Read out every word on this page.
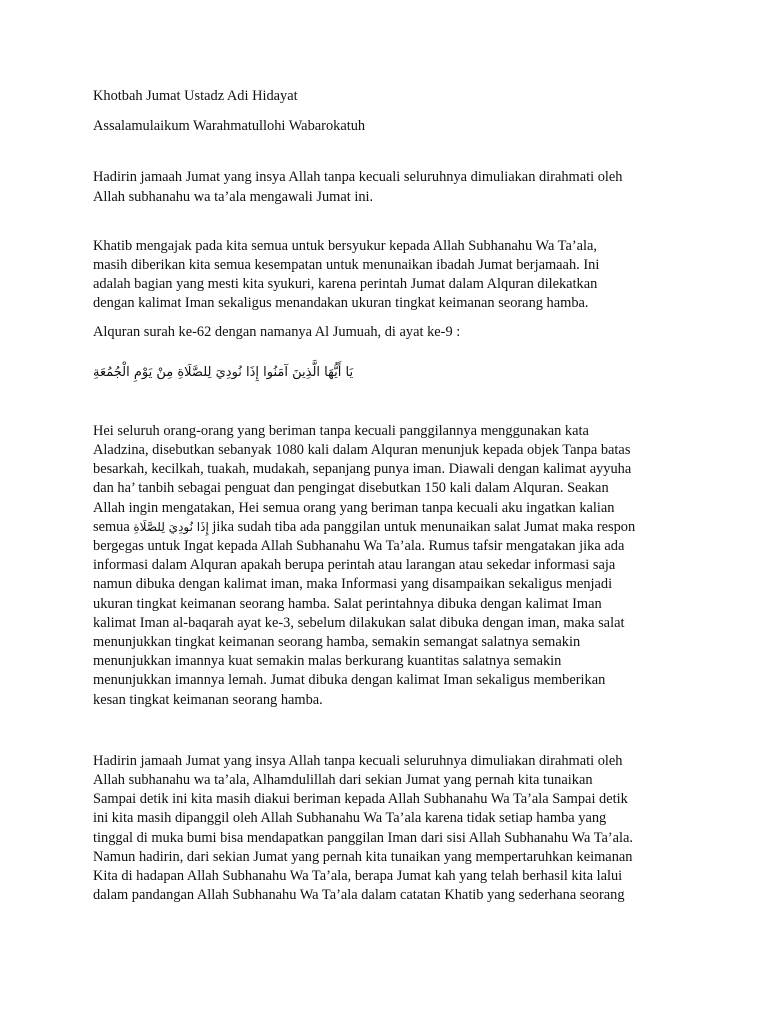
Khotbah Jumat Ustadz Adi Hidayat

Assalamulaikum Warahmatullohi Wabarokatuh

Hadirin jamaah Jumat yang insya Allah tanpa kecuali seluruhnya dimuliakan dirahmati oleh
Allah subhanahu wa ta’ala mengawali Jumat ini.

Khatib mengajak pada kita semua untuk bersyukur kepada Allah Subhanahu Wa Ta’ala,
masih diberikan kita semua kesempatan untuk menunaikan ibadah Jumat berjamaah. Ini
adalah bagian yang mesti kita syukuri, karena perintah Jumat dalam Alquran dilekatkan
dengan kalimat Iman sekaligus menandakan ukuran tingkat keimanan seorang hamba.

Alquran surah ke-62 dengan namanya Al Jumuah, di ayat ke-9 :

يَا أَيُّهَا الَّذِينَ آمَنُوا إِذَا نُودِيَ لِلصَّلَاةِ مِنْ يَوْمِ الْجُمُعَةِ

Hei seluruh orang-orang yang beriman tanpa kecuali panggilannya menggunakan kata
Aladzina, disebutkan sebanyak 1080 kali dalam Alquran menunjuk kepada objek Tanpa batas
besarkah, kecilkah, tuakah, mudakah, sepanjang punya iman. Diawali dengan kalimat ayyuha
dan ha’ tanbih sebagai penguat dan pengingat disebutkan 150 kali dalam Alquran. Seakan
Allah ingin mengatakan, Hei semua orang yang beriman tanpa kecuali aku ingatkan kalian
semua إِذَا نُودِيَ لِلصَّلَاةِ jika sudah tiba ada panggilan untuk menunaikan salat Jumat maka respon
bergegas untuk Ingat kepada Allah Subhanahu Wa Ta’ala. Rumus tafsir mengatakan jika ada
informasi dalam Alquran apakah berupa perintah atau larangan atau sekedar informasi saja
namun dibuka dengan kalimat iman, maka Informasi yang disampaikan sekaligus menjadi
ukuran tingkat keimanan seorang hamba. Salat perintahnya dibuka dengan kalimat Iman
kalimat Iman al-baqarah ayat ke-3, sebelum dilakukan salat dibuka dengan iman, maka salat
menunjukkan tingkat keimanan seorang hamba, semakin semangat salatnya semakin
menunjukkan imannya kuat semakin malas berkurang kuantitas salatnya semakin
menunjukkan imannya lemah. Jumat dibuka dengan kalimat Iman sekaligus memberikan
kesan tingkat keimanan seorang hamba.

Hadirin jamaah Jumat yang insya Allah tanpa kecuali seluruhnya dimuliakan dirahmati oleh
Allah subhanahu wa ta’ala, Alhamdulillah dari sekian Jumat yang pernah kita tunaikan
Sampai detik ini kita masih diakui beriman kepada Allah Subhanahu Wa Ta’ala Sampai detik
ini kita masih dipanggil oleh Allah Subhanahu Wa Ta’ala karena tidak setiap hamba yang
tinggal di muka bumi bisa mendapatkan panggilan Iman dari sisi Allah Subhanahu Wa Ta’ala.
Namun hadirin, dari sekian Jumat yang pernah kita tunaikan yang mempertaruhkan keimanan
Kita di hadapan Allah Subhanahu Wa Ta’ala, berapa Jumat kah yang telah berhasil kita lalui
dalam pandangan Allah Subhanahu Wa Ta’ala dalam catatan Khatib yang sederhana seorang
